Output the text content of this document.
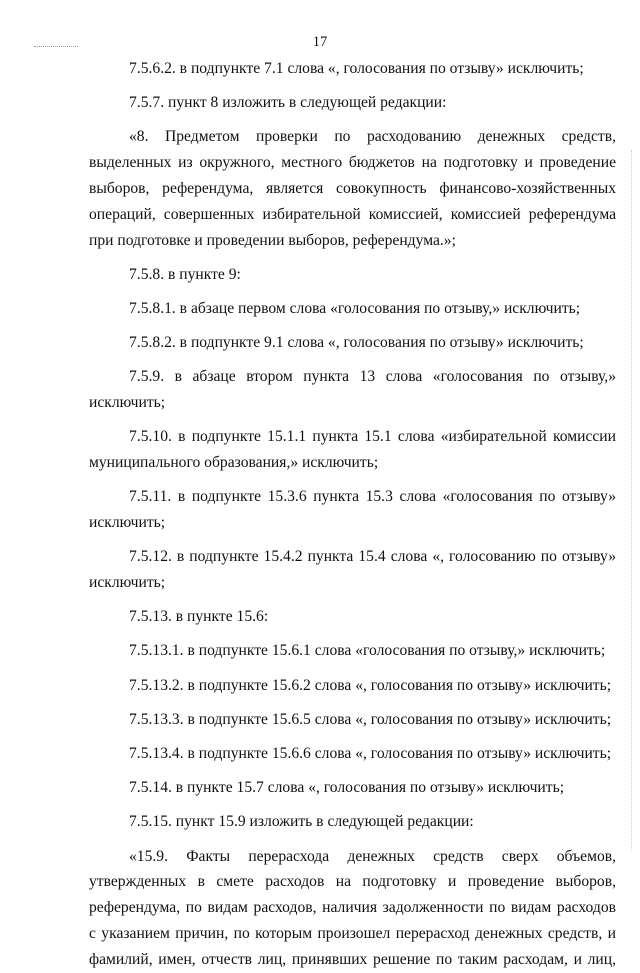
17
7.5.6.2. в подпункте 7.1 слова «, голосования по отзыву» исключить;
7.5.7. пункт 8 изложить в следующей редакции:
«8. Предметом проверки по расходованию денежных средств,
выделенных из окружного, местного бюджетов на подготовку и проведение
выборов, референдума, является совокупность финансово-хозяйственных
операций, совершенных избирательной комиссией, комиссией референдума
при подготовке и проведении выборов, референдума.»;
7.5.8. в пункте 9:
7.5.8.1. в абзаце первом слова «голосования по отзыву,» исключить;
7.5.8.2. в подпункте 9.1 слова «, голосования по отзыву» исключить;
7.5.9. в абзаце втором пункта 13 слова «голосования по отзыву,»
исключить;
7.5.10. в подпункте 15.1.1 пункта 15.1 слова «избирательной комиссии
муниципального образования,» исключить;
7.5.11. в подпункте 15.3.6 пункта 15.3 слова «голосования по отзыву»
исключить;
7.5.12. в подпункте 15.4.2 пункта 15.4 слова «, голосованию по отзыву»
исключить;
7.5.13. в пункте 15.6:
7.5.13.1. в подпункте 15.6.1 слова «голосования по отзыву,» исключить;
7.5.13.2. в подпункте 15.6.2 слова «, голосования по отзыву» исключить;
7.5.13.3. в подпункте 15.6.5 слова «, голосования по отзыву» исключить;
7.5.13.4. в подпункте 15.6.6 слова «, голосования по отзыву» исключить;
7.5.14. в пункте 15.7 слова «, голосования по отзыву» исключить;
7.5.15. пункт 15.9 изложить в следующей редакции:
«15.9. Факты перерасхода денежных средств сверх объемов,
утвержденных в смете расходов на подготовку и проведение выборов,
референдума, по видам расходов, наличия задолженности по видам расходов
с указанием причин, по которым произошел перерасход денежных средств, и
фамилий, имен, отчеств лиц, принявших решение по таким расходам, и лиц,
